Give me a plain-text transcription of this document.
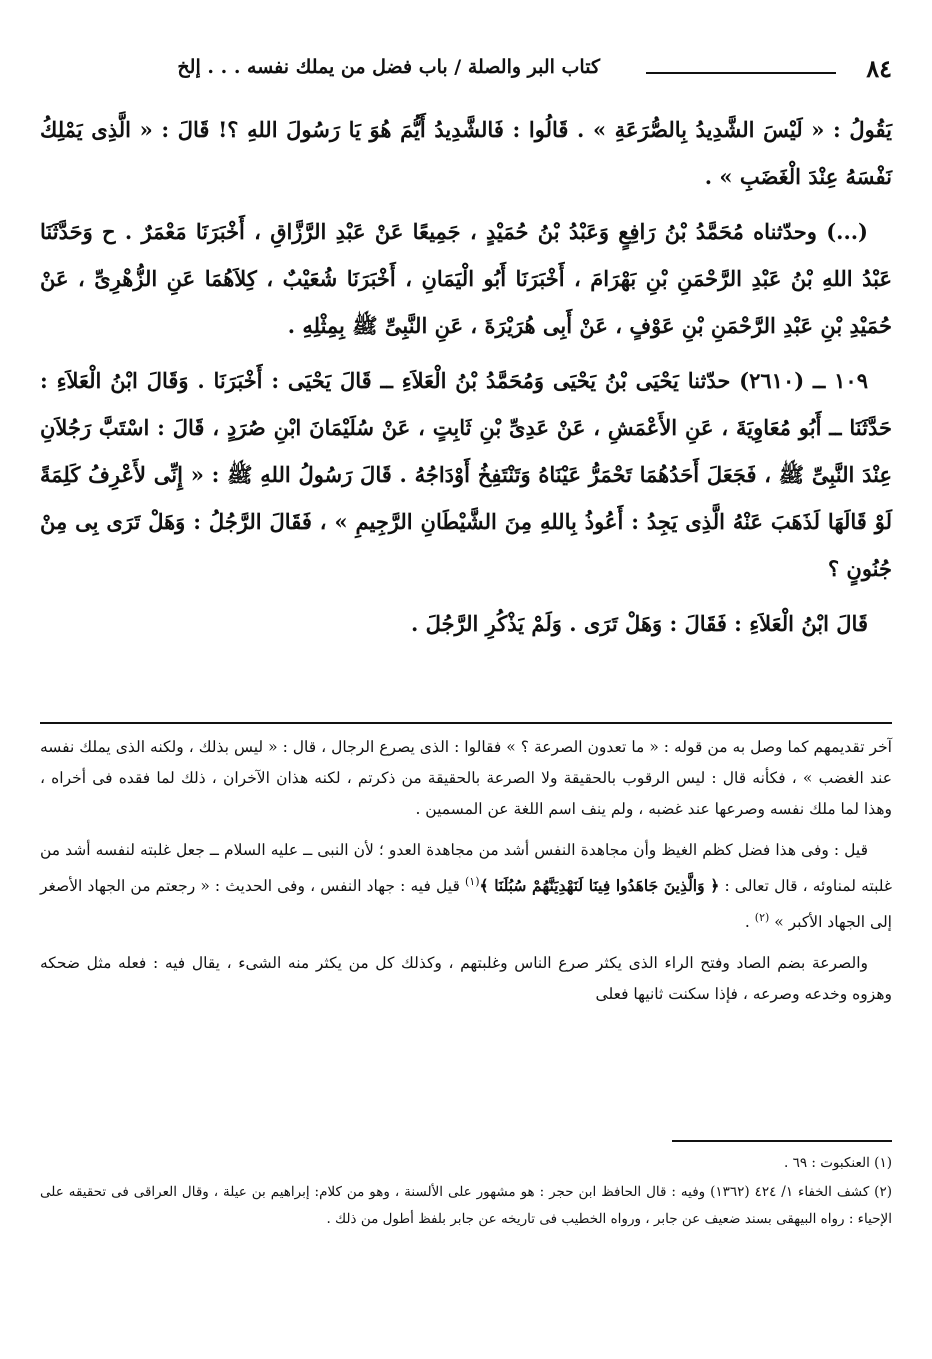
٨٤
كتاب البر والصلة / باب فضل من يملك نفسه . . . إلخ

يَقُولُ : « لَيْسَ الشَّدِيدُ بِالصُّرَعَةِ » . قَالُوا : فَالشَّدِيدُ أَيُّمَ هُوَ يَا رَسُولَ اللهِ ؟! قَالَ : « الَّذِى يَمْلِكُ نَفْسَهُ عِنْدَ الْغَضَبِ » .

(...) وحدّثناه مُحَمَّدُ بْنُ رَافِعٍ وَعَبْدُ بْنُ حُمَيْدٍ ، جَمِيعًا عَنْ عَبْدِ الرَّزَّاقِ ، أَخْبَرَنَا مَعْمَرٌ . ح وَحَدَّثَنَا عَبْدُ اللهِ بْنُ عَبْدِ الرَّحْمَنِ بْنِ بَهْرَامَ ، أَخْبَرَنَا أَبُو الْيَمَانِ ، أَخْبَرَنَا شُعَيْبٌ ، كِلاَهُمَا عَنِ الزُّهْرِىِّ ، عَنْ حُمَيْدِ بْنِ عَبْدِ الرَّحْمَنِ بْنِ عَوْفٍ ، عَنْ أَبِى هُرَيْرَةَ ، عَنِ النَّبِىِّ ﷺ بِمِثْلِهِ .

١٠٩ ــ (٢٦١٠) حدّثنا يَحْيَى بْنُ يَحْيَى وَمُحَمَّدُ بْنُ الْعَلاَءِ ــ قَالَ يَحْيَى : أَخْبَرَنَا . وَقَالَ ابْنُ الْعَلاَءِ : حَدَّثَنَا ــ أَبُو مُعَاوِيَةَ ، عَنِ الأَعْمَشِ ، عَنْ عَدِىِّ بْنِ ثَابِتٍ ، عَنْ سُلَيْمَانَ ابْنِ صُرَدٍ ، قَالَ : اسْتَبَّ رَجُلاَنِ عِنْدَ النَّبِىِّ ﷺ ، فَجَعَلَ أَحَدُهُمَا تَحْمَرُّ عَيْنَاهُ وَتَنْتَفِخُ أَوْدَاجُهُ . قَالَ رَسُولُ اللهِ ﷺ : « إِنِّى لأَعْرِفُ كَلِمَةً لَوْ قَالَهَا لَذَهَبَ عَنْهُ الَّذِى يَجِدُ : أَعُوذُ بِاللهِ مِنَ الشَّيْطَانِ الرَّجِيمِ » ، فَقَالَ الرَّجُلُ : وَهَلْ تَرَى بِى مِنْ جُنُونٍ ؟

قَالَ ابْنُ الْعَلاَءِ : فَقَالَ : وَهَلْ تَرَى . وَلَمْ يَذْكُرِ الرَّجُلَ .

آخر تقديمهم كما وصل به من قوله : « ما تعدون الصرعة ؟ » فقالوا : الذى يصرع الرجال ، قال : « ليس بذلك ، ولكنه الذى يملك نفسه عند الغضب » ، فكأنه قال : ليس الرقوب بالحقيقة ولا الصرعة بالحقيقة من ذكرتم ، لكنه هذان الآخران ، ذلك لما فقده فى أخراه ، وهذا لما ملك نفسه وصرعها عند غضبه ، ولم ينف اسم اللغة عن المسمين .

قيل : وفى هذا فضل كظم الغيظ وأن مجاهدة النفس أشد من مجاهدة العدو ؛ لأن النبى ــ عليه السلام ــ جعل غلبته لنفسه أشد من غلبته لمناوئه ، قال تعالى : ﴿ وَالَّذِينَ جَاهَدُوا فِينَا لَنَهْدِيَنَّهُمْ سُبُلَنَا ﴾$^{(١)}$ قيل فيه : جهاد النفس ، وفى الحديث : « رجعتم من الجهاد الأصغر إلى الجهاد الأكبر » $^{(٢)}$ .

والصرعة بضم الصاد وفتح الراء الذى يكثر صرع الناس وغلبتهم ، وكذلك كل من يكثر منه الشىء ، يقال فيه : فعله مثل ضحكه وهزوه وخدعه وصرعه ، فإذا سكنت ثانيها فعلى

(١) العنكبوت : ٦٩ .

(٢) كشف الخفاء ١/ ٤٢٤ (١٣٦٢) وفيه : قال الحافظ ابن حجر : هو مشهور على الألسنة ، وهو من كلام: إبراهيم بن عيلة ، وقال العراقى فى تحقيقه على الإحياء : رواه البيهقى بسند ضعيف عن جابر ، ورواه الخطيب فى تاريخه عن جابر بلفظ أطول من ذلك .
